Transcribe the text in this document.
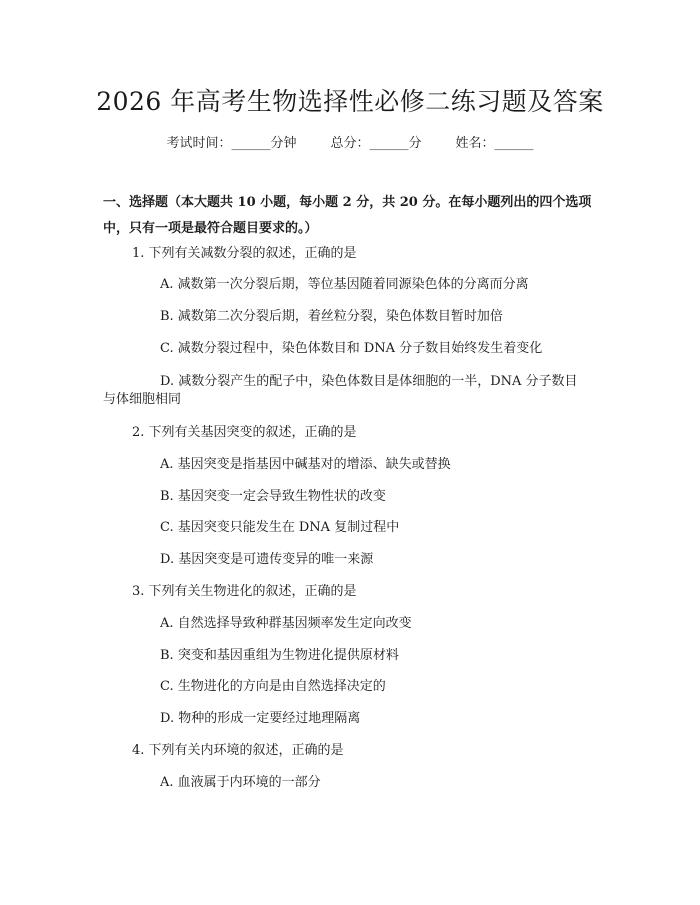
2026 年高考生物选择性必修二练习题及答案
考试时间：______分钟	总分：______分	姓名：______

一、选择题（本大题共 10 小题，每小题 2 分，共 20 分。在每小题列出的四个选项中，只有一项是最符合题目要求的。）

1. 下列有关减数分裂的叙述，正确的是
A. 减数第一次分裂后期，等位基因随着同源染色体的分离而分离
B. 减数第二次分裂后期，着丝粒分裂，染色体数目暂时加倍
C. 减数分裂过程中，染色体数目和 DNA 分子数目始终发生着变化
D. 减数分裂产生的配子中，染色体数目是体细胞的一半，DNA 分子数目
与体细胞相同
2. 下列有关基因突变的叙述，正确的是
A. 基因突变是指基因中碱基对的增添、缺失或替换
B. 基因突变一定会导致生物性状的改变
C. 基因突变只能发生在 DNA 复制过程中
D. 基因突变是可遗传变异的唯一来源
3. 下列有关生物进化的叙述，正确的是
A. 自然选择导致种群基因频率发生定向改变
B. 突变和基因重组为生物进化提供原材料
C. 生物进化的方向是由自然选择决定的
D. 物种的形成一定要经过地理隔离
4. 下列有关内环境的叙述，正确的是
A. 血液属于内环境的一部分
